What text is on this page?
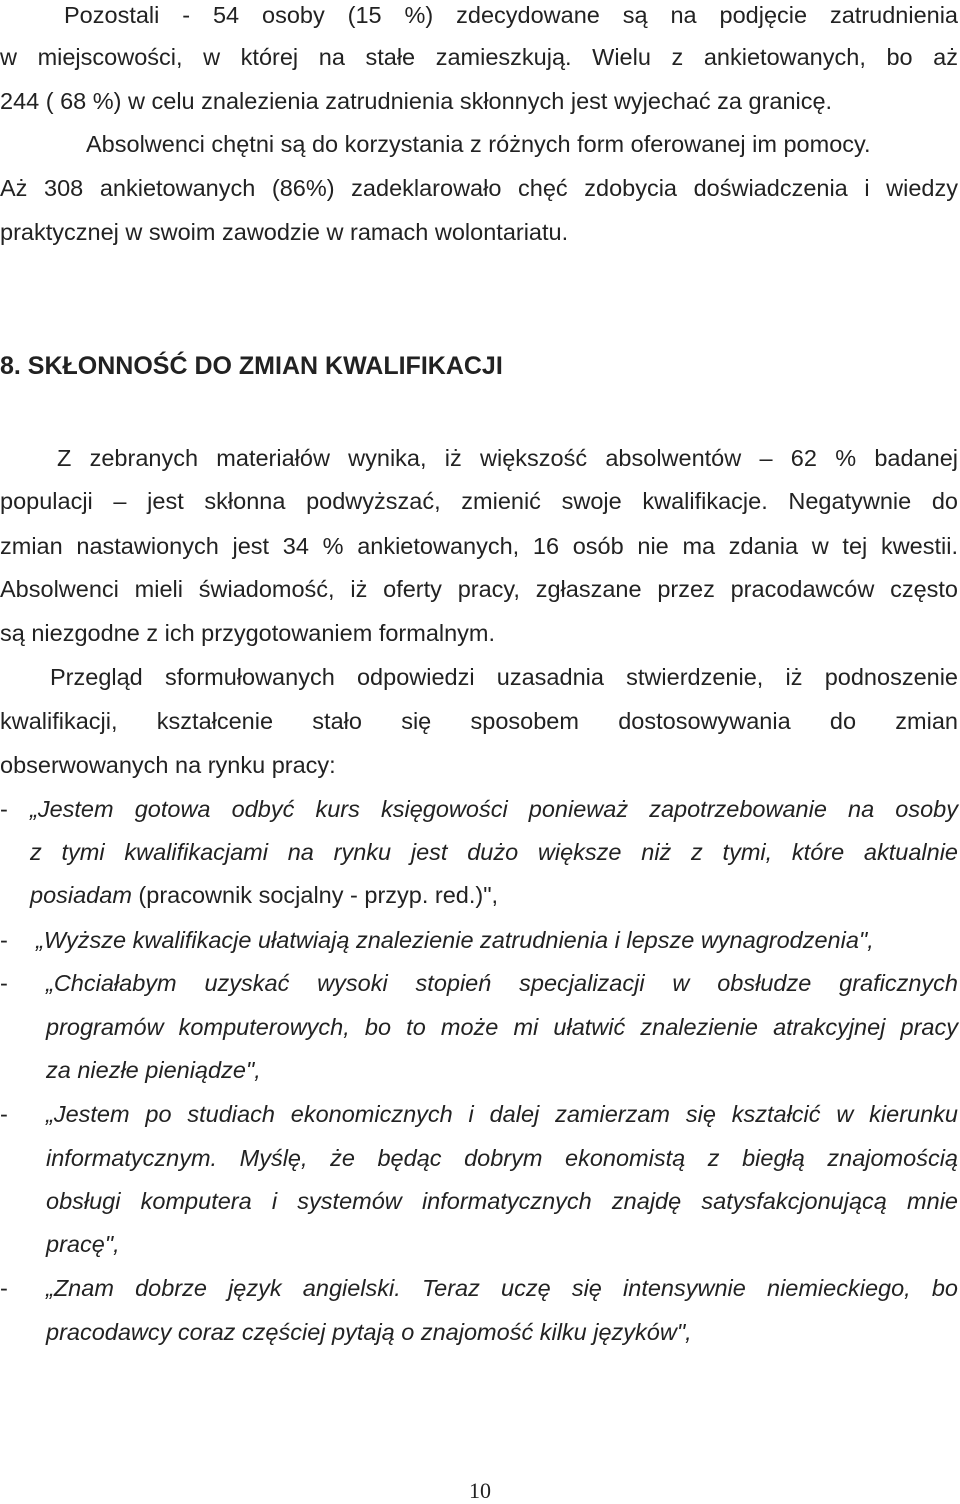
Pozostali - 54 osoby (15 %) zdecydowane są na podjęcie zatrudnienia
w miejscowości, w której na stałe zamieszkują. Wielu z ankietowanych, bo aż
244 ( 68 %) w celu znalezienia zatrudnienia skłonnych jest wyjechać za granicę.
Absolwenci chętni są do korzystania z różnych form oferowanej im pomocy.
Aż 308 ankietowanych (86%) zadeklarowało chęć zdobycia doświadczenia i wiedzy
praktycznej w swoim zawodzie w ramach wolontariatu.
8. SKŁONNOŚĆ DO ZMIAN KWALIFIKACJI
Z zebranych materiałów wynika, iż większość absolwentów – 62 % badanej
populacji – jest skłonna podwyższać, zmienić swoje kwalifikacje. Negatywnie do
zmian nastawionych jest 34 % ankietowanych, 16 osób nie ma zdania w tej kwestii.
Absolwenci mieli świadomość, iż oferty pracy, zgłaszane przez pracodawców często
są niezgodne z ich przygotowaniem formalnym.
Przegląd sformułowanych odpowiedzi uzasadnia stwierdzenie, iż podnoszenie
kwalifikacji, kształcenie stało się sposobem dostosowywania do zmian
obserwowanych na rynku pracy:
- „Jestem gotowa odbyć kurs księgowości ponieważ zapotrzebowanie na osoby
z tymi kwalifikacjami na rynku jest dużo większe niż z tymi, które aktualnie
posiadam (pracownik socjalny - przyp. red.)",
-	„Wyższe kwalifikacje ułatwiają znalezienie zatrudnienia i lepsze wynagrodzenia",
-	„Chciałabym uzyskać wysoki stopień specjalizacji w obsłudze graficznych
programów komputerowych, bo to może mi ułatwić znalezienie atrakcyjnej pracy
za niezłe pieniądze",
-	„Jestem po studiach ekonomicznych i dalej zamierzam się kształcić w kierunku
informatycznym. Myślę, że będąc dobrym ekonomistą z biegłą znajomością
obsługi komputera i systemów informatycznych znajdę satysfakcjonującą mnie
pracę",
-	„Znam dobrze język angielski. Teraz uczę się intensywnie niemieckiego, bo
pracodawcy coraz częściej pytają o znajomość kilku języków",
10
